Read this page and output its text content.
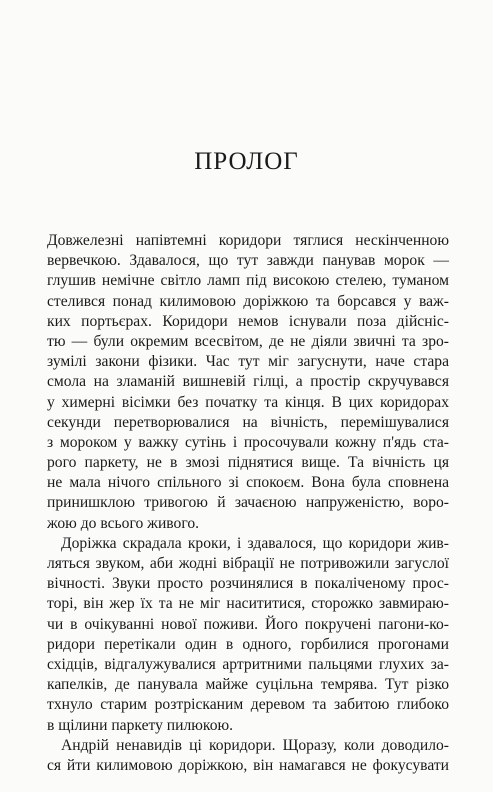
ПРОЛОГ
Довжелезні напівтемні коридори тяглися нескінченною
вервечкою. Здавалося, що тут завжди панував морок —
глушив немічне світло ламп під високою стелею, туманом
стелився понад килимовою доріжкою та борсався у важ-
ких портьєрах. Коридори немов існували поза дійсніс-
тю — були окремим всесвітом, де не діяли звичні та зро-
зумілі закони фізики. Час тут міг загуснути, наче стара
смола на зламаній вишневій гілці, а простір скручувався
у химерні вісімки без початку та кінця. В цих коридорах
секунди перетворювалися на вічність, перемішувалися
з мороком у важку сутінь і просочували кожну п'ядь ста-
рого паркету, не в змозі піднятися вище. Та вічність ця
не мала нічого спільного зі спокоєм. Вона була сповнена
принишклою тривогою й зачаєною напруженістю, воро-
жою до всього живого.
Доріжка скрадала кроки, і здавалося, що коридори жив-
ляться звуком, аби жодні вібрації не потривожили загуслої
вічності. Звуки просто розчинялися в покаліченому прос-
торі, він жер їх та не міг насититися, сторожко завмираю-
чи в очікуванні нової поживи. Його покручені пагони-ко-
ридори перетікали один в одного, горбилися прогонами
східців, відгалужувалися артритними пальцями глухих за-
капелків, де панувала майже суцільна темрява. Тут різко
тхнуло старим розтрісканим деревом та забитою глибоко
в щілини паркету пилюкою.
Андрій ненавидів ці коридори. Щоразу, коли доводило-
ся йти килимовою доріжкою, він намагався не фокусувати
